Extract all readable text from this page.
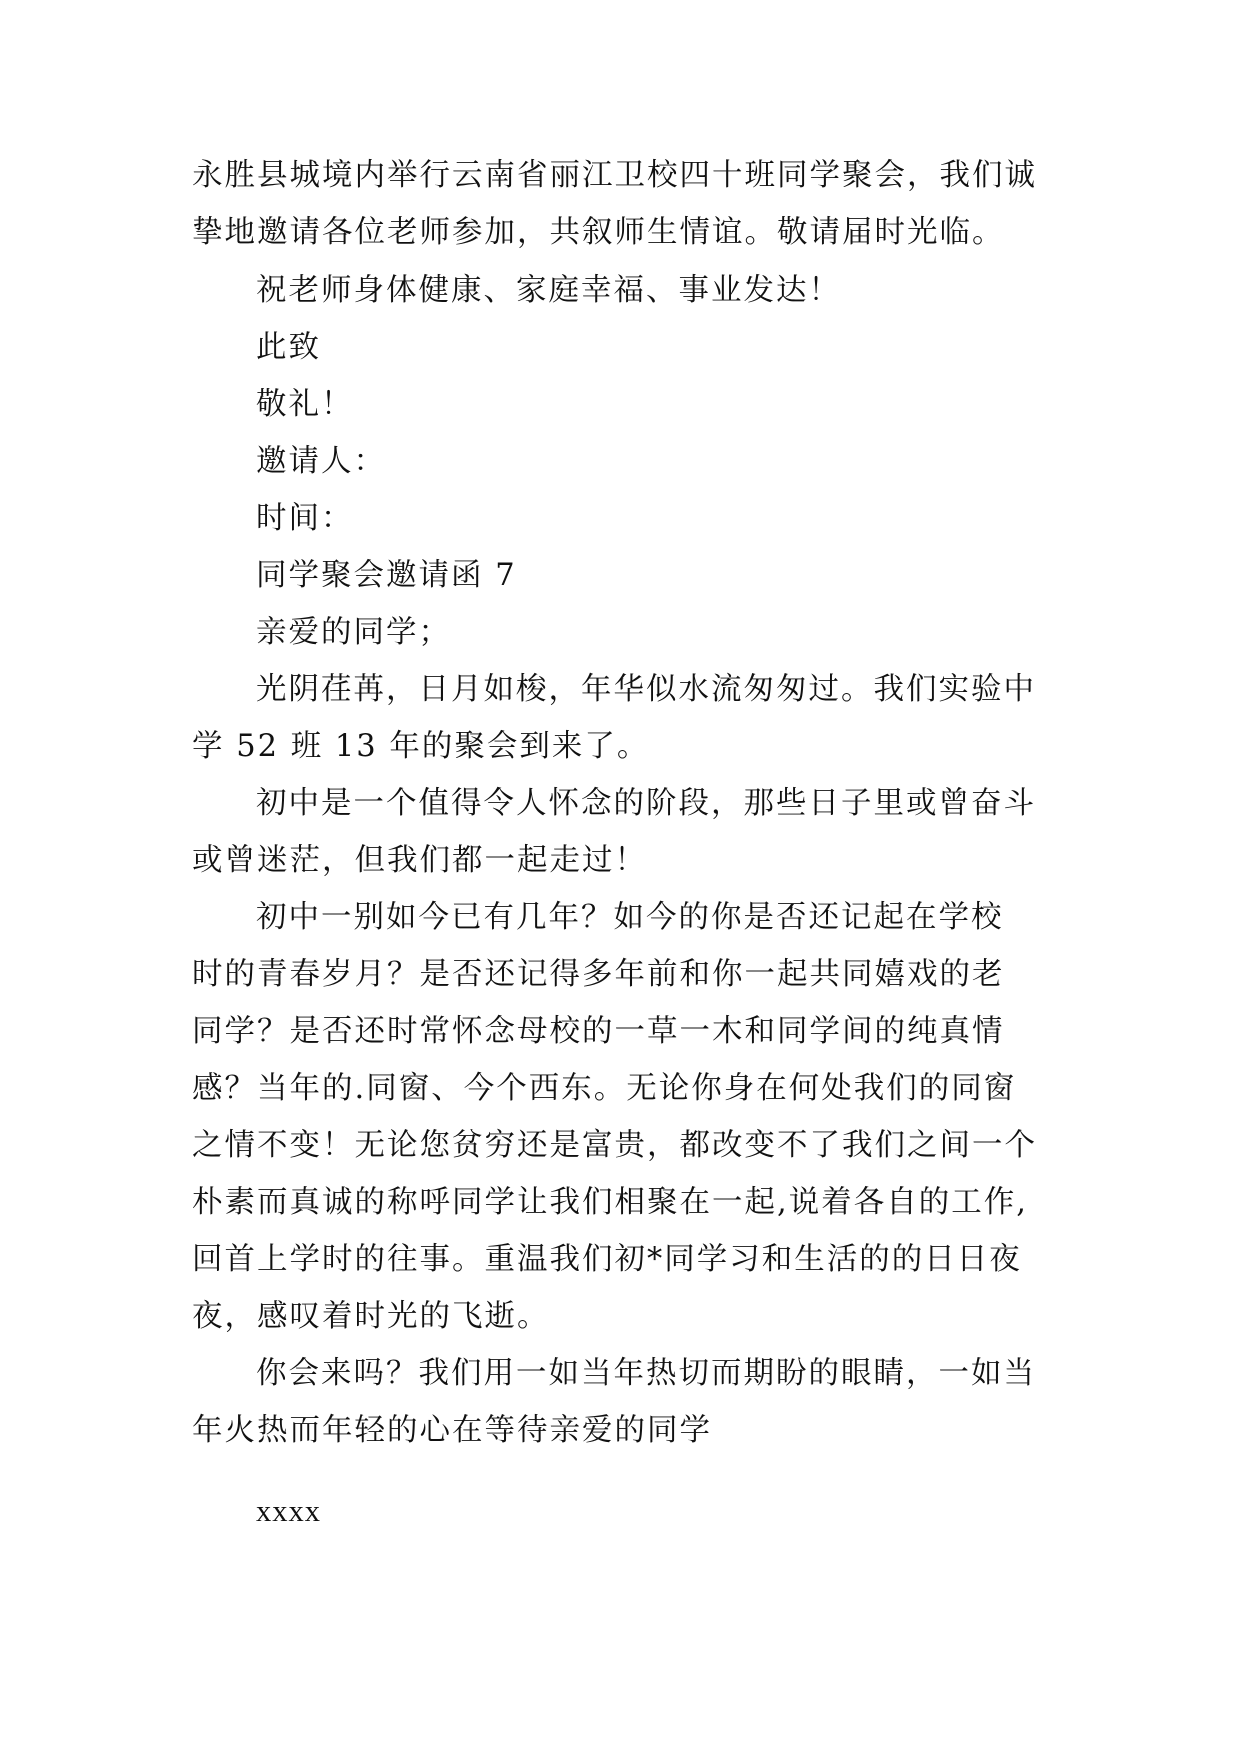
永胜县城境内举行云南省丽江卫校四十班同学聚会，我们诚
挚地邀请各位老师参加，共叙师生情谊。敬请届时光临。
祝老师身体健康、家庭幸福、事业发达！
此致
敬礼！
邀请人：
时间：
同学聚会邀请函 7
亲爱的同学；
光阴荏苒，日月如梭，年华似水流匆匆过。我们实验中
学 52 班 13 年的聚会到来了。
初中是一个值得令人怀念的阶段，那些日子里或曾奋斗
或曾迷茫，但我们都一起走过！
初中一别如今已有几年？如今的你是否还记起在学校
时的青春岁月？是否还记得多年前和你一起共同嬉戏的老
同学？是否还时常怀念母校的一草一木和同学间的纯真情
感？当年的.同窗、今个西东。无论你身在何处我们的同窗
之情不变！无论您贫穷还是富贵，都改变不了我们之间一个
朴素而真诚的称呼同学让我们相聚在一起,说着各自的工作,
回首上学时的往事。重温我们初*同学习和生活的的日日夜
夜，感叹着时光的飞逝。
你会来吗？我们用一如当年热切而期盼的眼睛，一如当
年火热而年轻的心在等待亲爱的同学
xxxx
